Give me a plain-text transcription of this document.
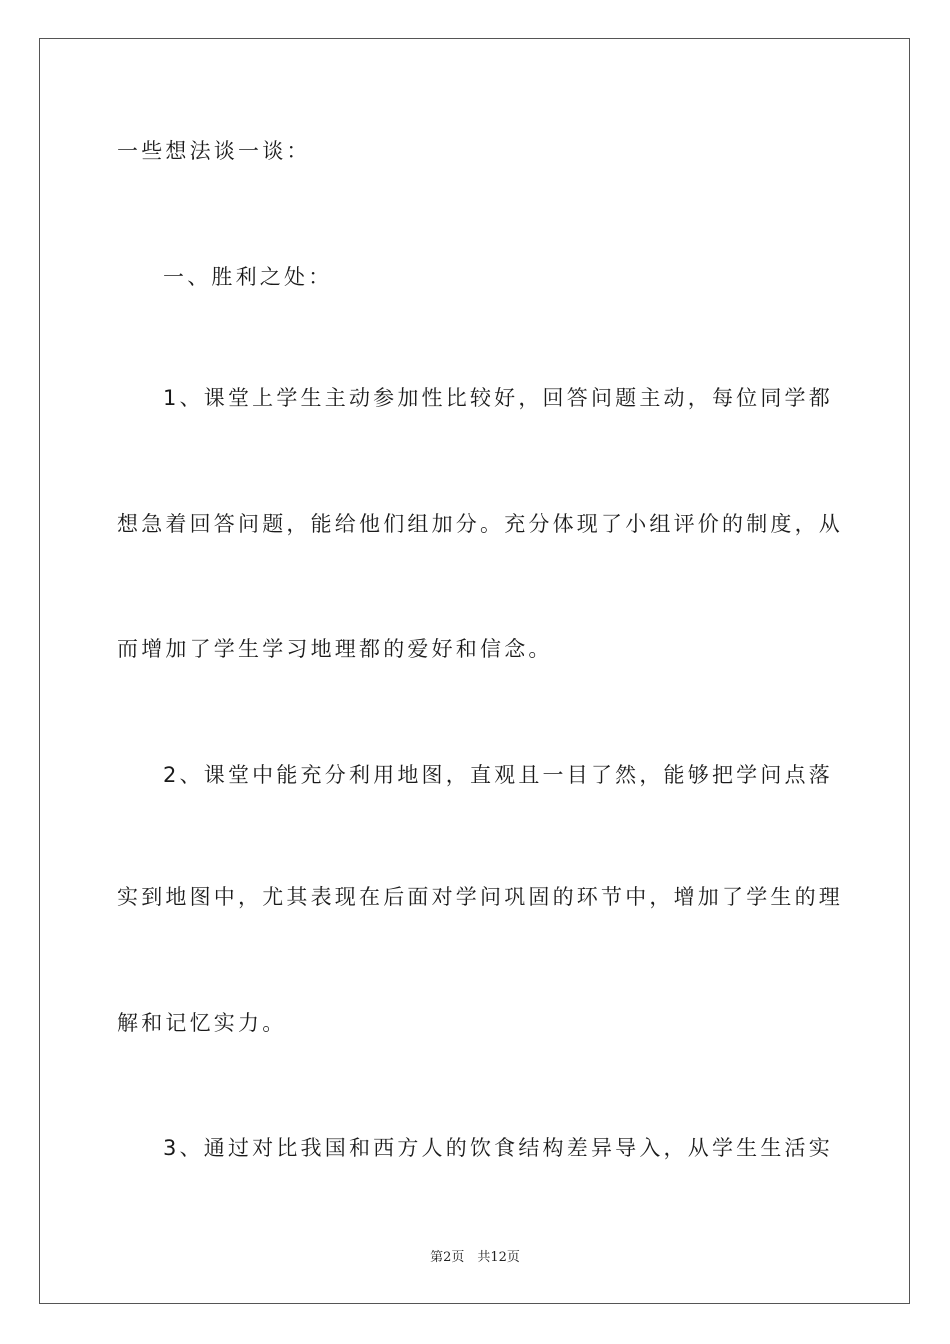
一些想法谈一谈：
一、胜利之处：
1、课堂上学生主动参加性比较好，回答问题主动，每位同学都
想急着回答问题，能给他们组加分。充分体现了小组评价的制度，从
而增加了学生学习地理都的爱好和信念。
2、课堂中能充分利用地图，直观且一目了然，能够把学问点落
实到地图中，尤其表现在后面对学问巩固的环节中，增加了学生的理
解和记忆实力。
3、通过对比我国和西方人的饮食结构差异导入，从学生生活实
第2页　共12页
